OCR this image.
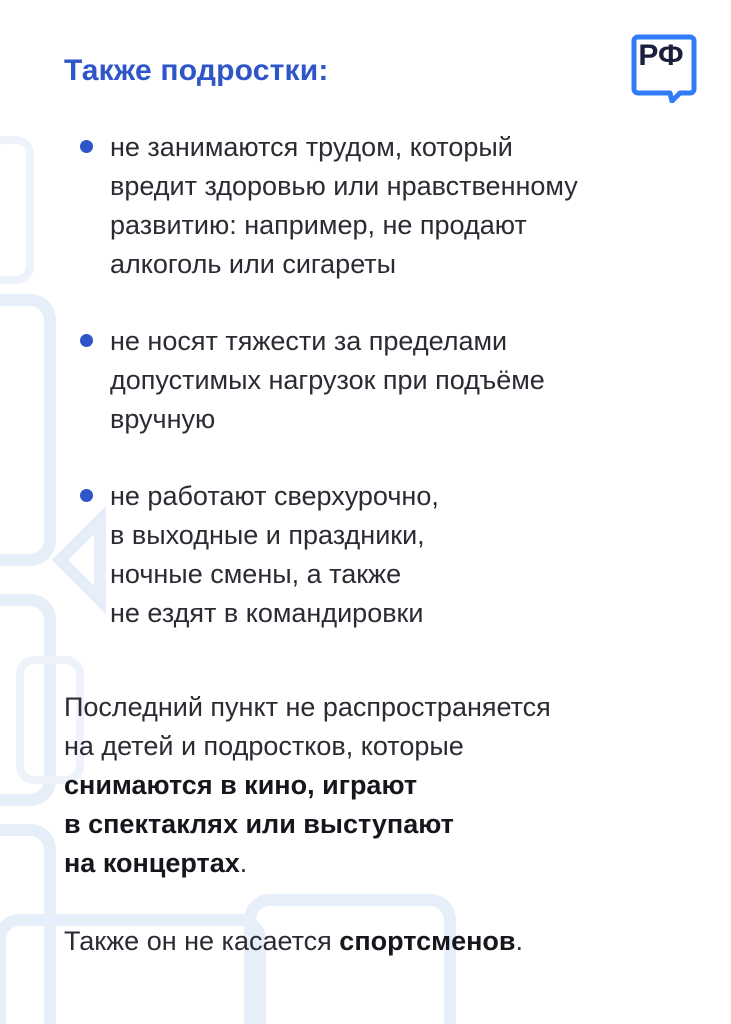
Также подростки:	РФ
не занимаются трудом, который
вредит здоровью или нравственному
развитию: например, не продают
алкоголь или сигареты
не носят тяжести за пределами
допустимых нагрузок при подъёме
вручную
не работают сверхурочно,
в выходные и праздники,
ночные смены, а также
не ездят в командировки
Последний пункт не распространяется
на детей и подростков, которые
снимаются в кино, играют
в спектаклях или выступают
на концертах.
Также он не касается спортсменов.
